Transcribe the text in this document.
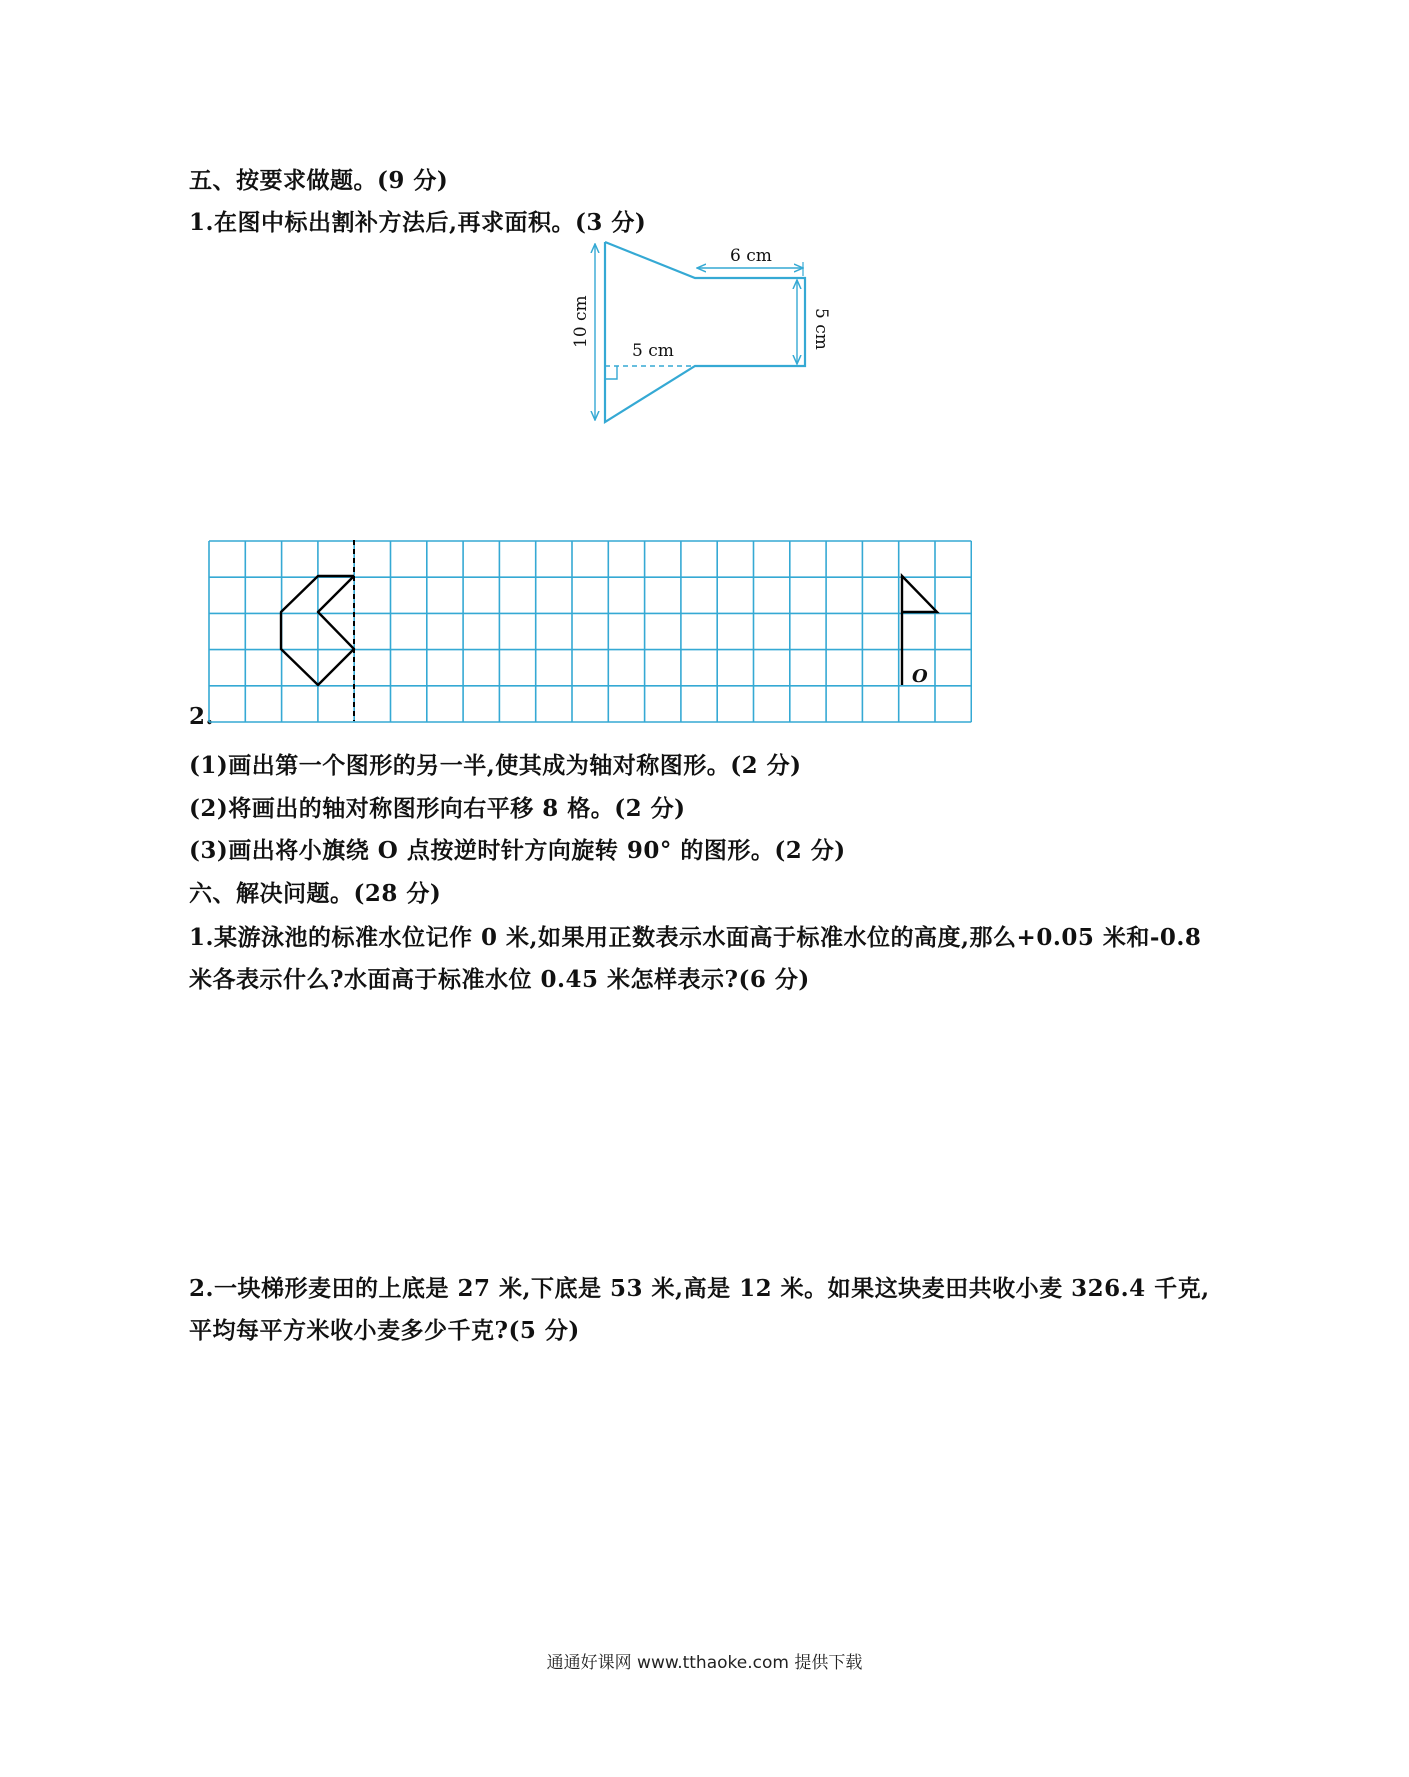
五、按要求做题。(9 分)
1.在图中标出割补方法后,再求面积。(3 分)
6 cm
5 cm
10 cm	5 cm
2.
O
(1)画出第一个图形的另一半,使其成为轴对称图形。(2 分)
(2)将画出的轴对称图形向右平移 8 格。(2 分)
(3)画出将小旗绕 O 点按逆时针方向旋转 90° 的图形。(2 分)
六、解决问题。(28 分)
1.某游泳池的标准水位记作 0 米,如果用正数表示水面高于标准水位的高度,那么+0.05 米和-0.8
米各表示什么?水面高于标准水位 0.45 米怎样表示?(6 分)
2.一块梯形麦田的上底是 27 米,下底是 53 米,高是 12 米。如果这块麦田共收小麦 326.4 千克,
平均每平方米收小麦多少千克?(5 分)
通通好课网 www.tthaoke.com 提供下载
